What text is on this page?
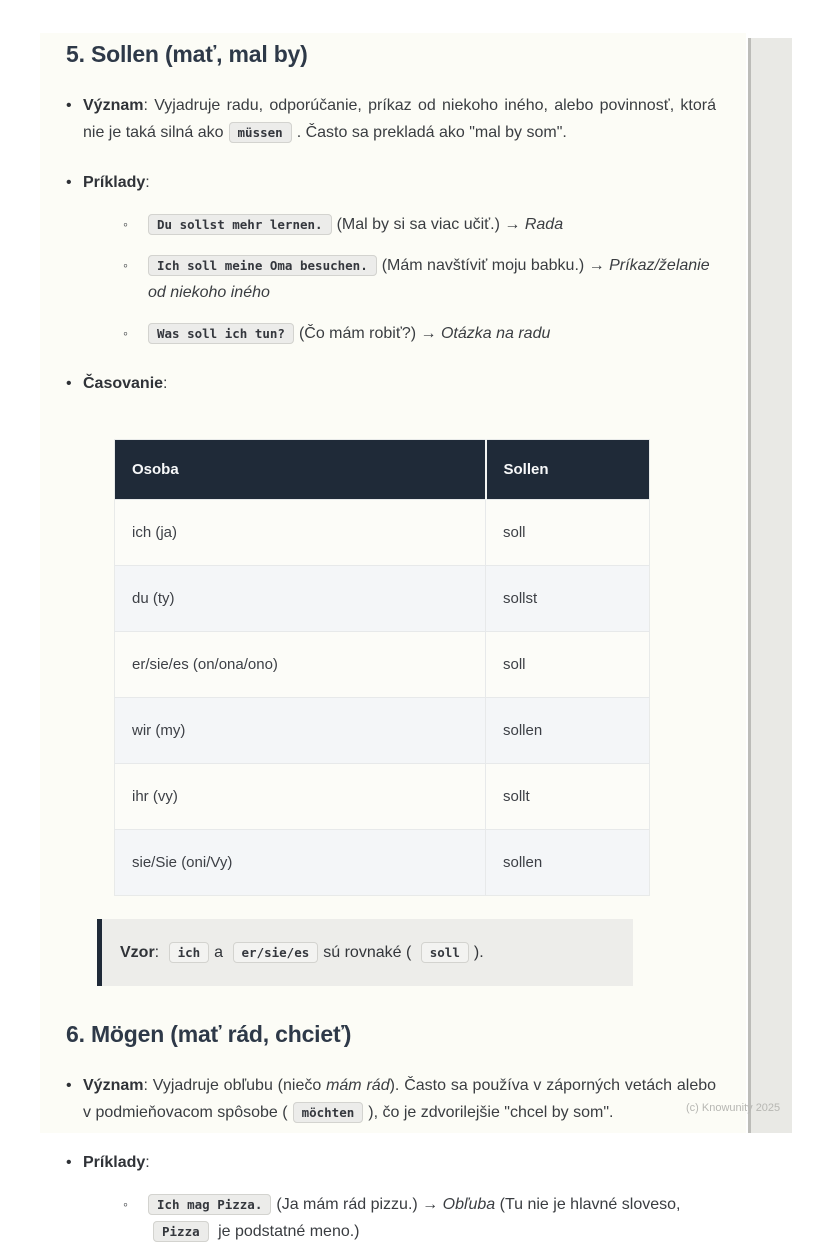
5. Sollen (mať, mal by)
• Význam: Vyjadruje radu, odporúčanie, príkaz od niekoho iného, alebo povinnosť, ktorá nie je taká silná ako müssen . Často sa prekladá ako "mal by som".
• Príklady:
◦ Du sollst mehr lernen. (Mal by si sa viac učiť.) → Rada
◦ Ich soll meine Oma besuchen. (Mám navštíviť moju babku.) → Príkaz/želanie od niekoho iného
◦ Was soll ich tun? (Čo mám robiť?) → Otázka na radu
• Časovanie:
Osoba	Sollen
ich (ja)	soll
du (ty)	sollst
er/sie/es (on/ona/ono)	soll
wir (my)	sollen
ihr (vy)	sollt
sie/Sie (oni/Vy)	sollen
Vzor: ich a er/sie/es sú rovnaké ( soll ).
6. Mögen (mať rád, chcieť)
• Význam: Vyjadruje obľubu (niečo mám rád). Často sa používa v záporných vetách alebo v podmieňovacom spôsobe ( möchten ), čo je zdvorilejšie "chcel by som".
• Príklady:
◦ Ich mag Pizza. (Ja mám rád pizzu.) → Obľuba (Tu nie je hlavné sloveso, Pizza je podstatné meno.)
(c) Knowunity 2025
